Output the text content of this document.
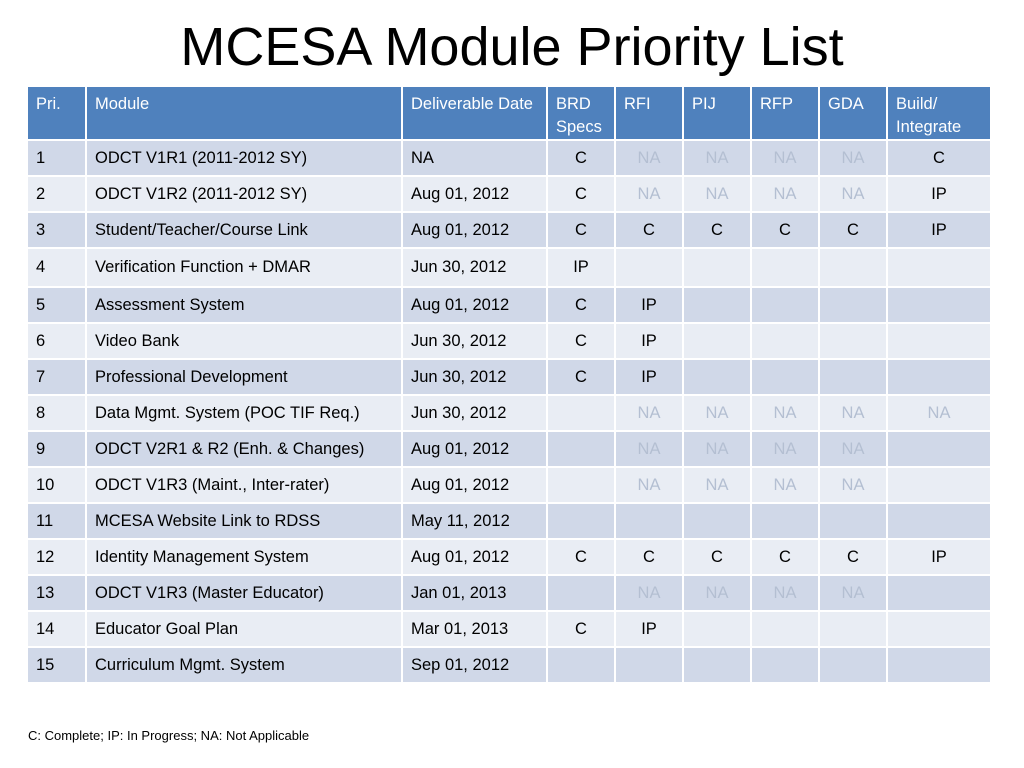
MCESA Module Priority List
Pri.	Module	Deliverable Date	BRD Specs	RFI	PIJ	RFP	GDA	Build/ Integrate
1	ODCT V1R1 (2011-2012 SY)	NA	C	NA	NA	NA	NA	C
2	ODCT V1R2 (2011-2012 SY)	Aug 01, 2012	C	NA	NA	NA	NA	IP
3	Student/Teacher/Course Link	Aug 01, 2012	C	C	C	C	C	IP
4	Verification Function + DMAR	Jun 30, 2012	IP					
5	Assessment System	Aug 01, 2012	C	IP				
6	Video Bank	Jun 30, 2012	C	IP				
7	Professional Development	Jun 30, 2012	C	IP				
8	Data Mgmt. System (POC TIF Req.)	Jun 30, 2012		NA	NA	NA	NA	NA
9	ODCT V2R1 & R2 (Enh. & Changes)	Aug 01, 2012		NA	NA	NA	NA	
10	ODCT V1R3 (Maint., Inter-rater)	Aug 01, 2012		NA	NA	NA	NA	
11	MCESA Website Link to RDSS	May 11, 2012						
12	Identity Management System	Aug 01, 2012	C	C	C	C	C	IP
13	ODCT V1R3 (Master Educator)	Jan 01, 2013		NA	NA	NA	NA	
14	Educator Goal Plan	Mar 01, 2013	C	IP				
15	Curriculum Mgmt. System	Sep 01, 2012						
C: Complete; IP: In Progress; NA: Not Applicable
